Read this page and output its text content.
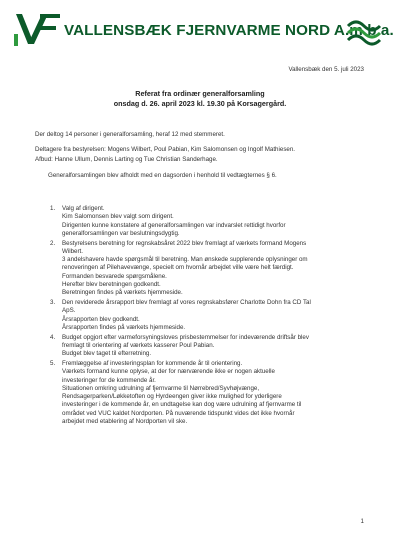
VALLENSBÆK FJERNVARME NORD A.m.b.a.
Vallensbæk den 5. juli 2023
Referat fra ordinær generalforsamling
onsdag d. 26. april 2023 kl. 19.30 på Korsagergård.
Der deltog 14 personer i generalforsamling, heraf 12 med stemmeret.
Deltagere fra bestyrelsen: Mogens Wilbert, Poul Pabian, Kim Salomonsen og Ingolf Mathiesen.
Afbud: Hanne Ullum, Dennis Larting og Tue Christian Sanderhage.
Generalforsamlingen blev afholdt med en dagsorden i henhold til vedtægternes § 6.
1. Valg af dirigent.
Kim Salomonsen blev valgt som dirigent.
Dirigenten kunne konstatere af generalforsamlingen var indvarslet rettidigt hvorfor
generalforsamlingen var beslutningsdygtig.
2. Bestyrelsens beretning for regnskabsåret 2022 blev fremlagt af værkets formand Mogens
Wilbert.
3 andelshavere havde spørgsmål til beretning. Man ønskede supplerende oplysninger om
renoveringen af Pilehavevænge, specielt om hvornår arbejdet ville være helt færdigt.
Formanden besvarede spørgsmålene.
Herefter blev beretningen godkendt.
Beretningen findes på værkets hjemmeside.
3. Den reviderede årsrapport blev fremlagt af vores regnskabsfører Charlotte Dohn fra CD Tal
ApS.
Årsrapporten blev godkendt.
Årsrapporten findes på værkets hjemmeside.
4. Budget opgjort efter varmeforsyningsloves prisbestemmelser for indeværende driftsår blev
fremlagt til orientering af værkets kasserer Poul Pabian.
Budget blev taget til efterretning.
5. Fremlæggelse af investeringsplan for kommende år til orientering.
Værkets formand kunne oplyse, at der for nærværende ikke er nogen aktuelle
investeringer for de kommende år.
Situationen omkring udrulning af fjernvarme til Nørrebred/Syvhøjvænge,
Rendsagerparken/Løkketoften og Hyrdeengen giver ikke mulighed for yderligere
investeringer i de kommende år, en undtagelse kan dog være udrulning af fjernvarme til
området ved VUC kaldet Nordporten. På nuværende tidspunkt vides det ikke hvornår
arbejdet med etablering af Nordporten vil ske.
1
